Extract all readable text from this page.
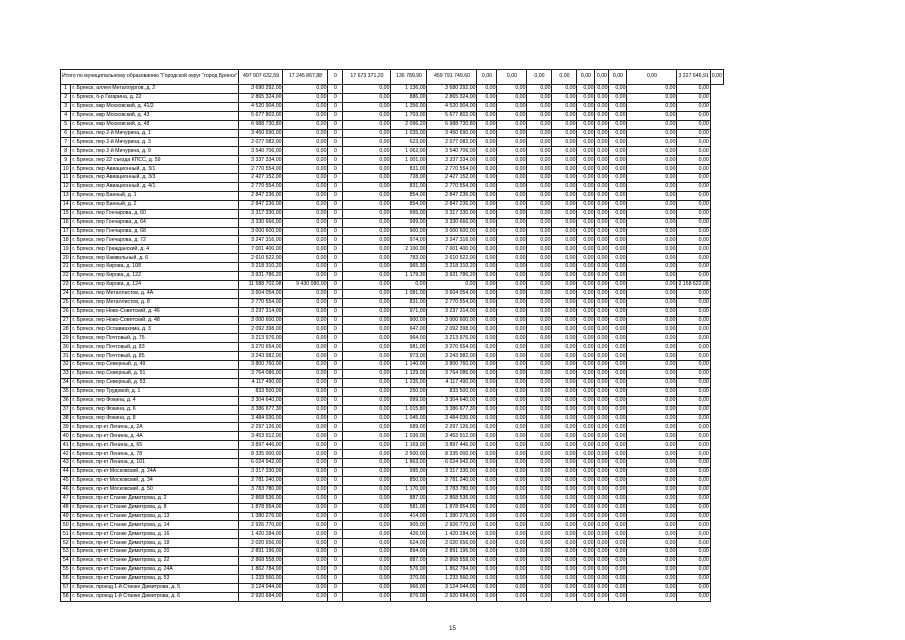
Итого по муниципальному образованию "Городской округ "город Брянск"		497 907 632,59	17 245 867,88	0	17 673 371,20	136 789,90	459 791 749,60	0,00	0,00	0,00	0,00	0,00	0,00	0,00	0,00	3 227 646,91	0,00
1	г. Брянск, аллея Металлургов, д. 2	3 690 292,00	0,00	0	0,00	1 136,00	3 680 292,00	0,00	0,00	0,00	0,00	0,00	0,00	0,00	0,00	0,00	
2	г. Брянск, б-р Гагарина, д. 22	2 865 324,00	0,00	0	0,00	886,00	2 865 324,00	0,00	0,00	0,00	0,00	0,00	0,00	0,00	0,00	0,00	
3	г. Брянск, мкр Московский, д. 41/2	4 520 904,00	0,00	0	0,00	1 356,00	4 520 904,00	0,00	0,00	0,00	0,00	0,00	0,00	0,00	0,00	0,00	
4	г. Брянск, мкр Московский, д. 43	5 677 802,00	0,00	0	0,00	1 703,00	5 677 802,00	0,00	0,00	0,00	0,00	0,00	0,00	0,00	0,00	0,00	
5	г. Брянск, мкр Московский, д. 48	6 988 730,80	0,00	0	0,00	2 096,20	6 988 730,80	0,00	0,00	0,00	0,00	0,00	0,00	0,00	0,00	0,00	
6	г. Брянск, пер 2-й Мичурина, д. 1	3 450 690,00	0,00	0	0,00	1 035,00	3 450 690,00	0,00	0,00	0,00	0,00	0,00	0,00	0,00	0,00	0,00	
7	г. Брянск, пер 2-й Мичурина, д. 3	2 077 082,00	0,00	0	0,00	623,00	2 077 082,00	0,00	0,00	0,00	0,00	0,00	0,00	0,00	0,00	0,00	
8	г. Брянск, пер 2-й Мичурина, д. 9	3 540 706,00	0,00	0	0,00	1 062,00	3 540 706,00	0,00	0,00	0,00	0,00	0,00	0,00	0,00	0,00	0,00	
9	г. Брянск, пер 22 съезда КПСС, д. 59	3 337 334,00	0,00	0	0,00	1 001,00	3 337 334,00	0,00	0,00	0,00	0,00	0,00	0,00	0,00	0,00	0,00	
10	г. Брянск, пер Авиационный, д. 3/1	2 770 554,00	0,00	0	0,00	831,00	2 770 554,00	0,00	0,00	0,00	0,00	0,00	0,00	0,00	0,00	0,00	
11	г. Брянск, пер Авиационный, д. 3/3	2 427 152,00	0,00	0	0,00	728,00	2 427 152,00	0,00	0,00	0,00	0,00	0,00	0,00	0,00	0,00	0,00	
12	г. Брянск, пер Авиационный, д. 4/1	2 770 554,00	0,00	0	0,00	831,00	2 770 554,00	0,00	0,00	0,00	0,00	0,00	0,00	0,00	0,00	0,00	
13	г. Брянск, пер Банный, д. 1	2 847 236,00	0,00	0	0,00	854,00	2 847 236,00	0,00	0,00	0,00	0,00	0,00	0,00	0,00	0,00	0,00	
14	г. Брянск, пер Банный, д. 2	2 847 236,00	0,00	0	0,00	854,00	2 847 236,00	0,00	0,00	0,00	0,00	0,00	0,00	0,00	0,00	0,00	
15	г. Брянск, пер Гончарова, д. 60	3 317 330,00	0,00	0	0,00	995,00	3 317 330,00	0,00	0,00	0,00	0,00	0,00	0,00	0,00	0,00	0,00	
16	г. Брянск, пер Гончарова, д. 64	3 330 666,00	0,00	0	0,00	999,00	3 330 666,00	0,00	0,00	0,00	0,00	0,00	0,00	0,00	0,00	0,00	
17	г. Брянск, пер Гончарова, д. 68	3 000 600,00	0,00	0	0,00	900,00	3 000 600,00	0,00	0,00	0,00	0,00	0,00	0,00	0,00	0,00	0,00	
18	г. Брянск, пер Гончарова, д. 72	3 247 316,00	0,00	0	0,00	974,00	3 247 316,00	0,00	0,00	0,00	0,00	0,00	0,00	0,00	0,00	0,00	
19	г. Брянск, пер Гражданский, д. 4	7 001 400,00	0,00	0	0,00	2 100,00	7 001 400,00	0,00	0,00	0,00	0,00	0,00	0,00	0,00	0,00	0,00	
20	г. Брянск, пер Камвольный, д. 6	2 610 522,00	0,00	0	0,00	783,00	2 610 522,00	0,00	0,00	0,00	0,00	0,00	0,00	0,00	0,00	0,00	
21	г. Брянск, пер Кирова, д. 108	3 218 310,20	0,00	0	0,00	965,30	3 218 310,20	0,00	0,00	0,00	0,00	0,00	0,00	0,00	0,00	0,00	
22	г. Брянск, пер Кирова, д. 122	3 931 786,20	0,00	0	0,00	1 179,30	3 931 786,20	0,00	0,00	0,00	0,00	0,00	0,00	0,00	0,00	0,00	
23	г. Брянск, пер Кирова, д. 124	11 588 702,08	9 430 080,00	0	0,00	0,00	0,00	0,00	0,00	0,00	0,00	0,00	0,00	0,00	0,00	2 158 622,08	
24	г. Брянск, пер Металлистов, д. 4А	3 604 054,00	0,00	0	0,00	1 081,00	3 604 054,00	0,00	0,00	0,00	0,00	0,00	0,00	0,00	0,00	0,00	
25	г. Брянск, пер Металлистов, д. 8	2 770 554,00	0,00	0	0,00	831,00	2 770 554,00	0,00	0,00	0,00	0,00	0,00	0,00	0,00	0,00	0,00	
26	г. Брянск, пер Ново-Советский, д. 46	3 237 314,00	0,00	0	0,00	971,00	3 237 314,00	0,00	0,00	0,00	0,00	0,00	0,00	0,00	0,00	0,00	
27	г. Брянск, пер Ново-Советский, д. 48	3 000 600,00	0,00	0	0,00	900,00	3 000 600,00	0,00	0,00	0,00	0,00	0,00	0,00	0,00	0,00	0,00	
28	г. Брянск, пер Осоавиахима, д. 3	2 092 398,00	0,00	0	0,00	647,00	2 092 398,00	0,00	0,00	0,00	0,00	0,00	0,00	0,00	0,00	0,00	
29	г. Брянск, пер Почтовый, д. 75	3 213 976,00	0,00	0	0,00	964,00	3 213 976,00	0,00	0,00	0,00	0,00	0,00	0,00	0,00	0,00	0,00	
30	г. Брянск, пер Почтовый, д. 83	3 270 654,00	0,00	0	0,00	981,00	3 270 654,00	0,00	0,00	0,00	0,00	0,00	0,00	0,00	0,00	0,00	
31	г. Брянск, пер Почтовый, д. 85	3 243 982,00	0,00	0	0,00	973,00	3 243 982,00	0,00	0,00	0,00	0,00	0,00	0,00	0,00	0,00	0,00	
32	г. Брянск, пер Северный, д. 49	3 800 760,00	0,00	0	0,00	1 140,00	3 800 760,00	0,00	0,00	0,00	0,00	0,00	0,00	0,00	0,00	0,00	
33	г. Брянск, пер Северный, д. 51	3 764 086,00	0,00	0	0,00	1 129,00	3 764 086,00	0,00	0,00	0,00	0,00	0,00	0,00	0,00	0,00	0,00	
34	г. Брянск, пер Северный, д. 53	4 117 490,00	0,00	0	0,00	1 235,00	4 117 490,00	0,00	0,00	0,00	0,00	0,00	0,00	0,00	0,00	0,00	
35	г. Брянск, пер Трудовой, д. 1	833 500,00	0,00	0	0,00	250,00	833 500,00	0,00	0,00	0,00	0,00	0,00	0,00	0,00	0,00	0,00	
36	г. Брянск, пер Фокина, д. 4	3 304 640,00	0,00	0	0,00	999,00	3 304 640,00	0,00	0,00	0,00	0,00	0,00	0,00	0,00	0,00	0,00	
37	г. Брянск, пер Фокина, д. 6	3 386 677,30	0,00	0	0,00	1 015,80	3 386 677,30	0,00	0,00	0,00	0,00	0,00	0,00	0,00	0,00	0,00	
38	г. Брянск, пер Фокина, д. 8	3 484 030,00	0,00	0	0,00	1 045,00	3 484 030,00	0,00	0,00	0,00	0,00	0,00	0,00	0,00	0,00	0,00	
39	г. Брянск, пр-кт Ленина, д. 2А	2 297 126,00	0,00	0	0,00	689,00	2 297 126,00	0,00	0,00	0,00	0,00	0,00	0,00	0,00	0,00	0,00	
40	г. Брянск, пр-кт Ленина, д. 4А	3 453 912,00	0,00	0	0,00	1 036,00	3 453 912,00	0,00	0,00	0,00	0,00	0,00	0,00	0,00	0,00	0,00	
41	г. Брянск, пр-кт Ленина, д. 65	3 897 446,00	0,00	0	0,00	1 169,00	3 897 446,00	0,00	0,00	0,00	0,00	0,00	0,00	0,00	0,00	0,00	
42	г. Брянск, пр-кт Ленина, д. 78	8 335 000,00	0,00	0	0,00	2 500,00	8 335 000,00	0,00	0,00	0,00	0,00	0,00	0,00	0,00	0,00	0,00	
43	г. Брянск, пр-кт Ленина, д. 101	6 024 942,00	0,00	0	0,00	1 863,00	6 024 942,00	0,00	0,00	0,00	0,00	0,00	0,00	0,00	0,00	0,00	
44	г. Брянск, пр-кт Московский, д. 24А	3 317 330,00	0,00	0	0,00	995,00	3 317 330,00	0,00	0,00	0,00	0,00	0,00	0,00	0,00	0,00	0,00	
45	г. Брянск, пр-кт Московский, д. 34	2 781 240,00	0,00	0	0,00	850,00	2 781 240,00	0,00	0,00	0,00	0,00	0,00	0,00	0,00	0,00	0,00	
46	г. Брянск, пр-кт Московский, д. 50	3 783 780,00	0,00	0	0,00	1 170,00	3 783 780,00	0,00	0,00	0,00	0,00	0,00	0,00	0,00	0,00	0,00	
47	г. Брянск, пр-кт Станке Димитрова, д. 2	2 868 536,00	0,00	0	0,00	887,00	2 868 536,00	0,00	0,00	0,00	0,00	0,00	0,00	0,00	0,00	0,00	
48	г. Брянск, пр-кт Станке Димитрова, д. 8	1 878 954,00	0,00	0	0,00	581,00	1 878 954,00	0,00	0,00	0,00	0,00	0,00	0,00	0,00	0,00	0,00	
49	г. Брянск, пр-кт Станке Димитрова, д. 13	1 380 276,00	0,00	0	0,00	414,00	1 380 276,00	0,00	0,00	0,00	0,00	0,00	0,00	0,00	0,00	0,00	
50	г. Брянск, пр-кт Станке Димитрова, д. 14	2 926 770,00	0,00	0	0,00	905,00	2 926 770,00	0,00	0,00	0,00	0,00	0,00	0,00	0,00	0,00	0,00	
51	г. Брянск, пр-кт Станке Димитрова, д. 16	1 420 284,00	0,00	0	0,00	426,00	1 420 284,00	0,00	0,00	0,00	0,00	0,00	0,00	0,00	0,00	0,00	
52	г. Брянск, пр-кт Станке Димитрова, д. 18	2 020 656,00	0,00	0	0,00	624,00	2 020 656,00	0,00	0,00	0,00	0,00	0,00	0,00	0,00	0,00	0,00	
53	г. Брянск, пр-кт Станке Димитрова, д. 20	2 891 196,00	0,00	0	0,00	894,00	2 891 196,00	0,00	0,00	0,00	0,00	0,00	0,00	0,00	0,00	0,00	
54	г. Брянск, пр-кт Станке Димитрова, д. 22	2 868 558,00	0,00	0	0,00	887,00	2 868 558,00	0,00	0,00	0,00	0,00	0,00	0,00	0,00	0,00	0,00	
55	г. Брянск, пр-кт Станке Димитрова, д. 24А	1 862 784,00	0,00	0	0,00	576,00	1 862 784,00	0,00	0,00	0,00	0,00	0,00	0,00	0,00	0,00	0,00	
56	г. Брянск, пр-кт Станке Димитрова, д. 53	1 233 560,00	0,00	0	0,00	370,00	1 233 560,00	0,00	0,00	0,00	0,00	0,00	0,00	0,00	0,00	0,00	
57	г. Брянск, проезд 1-й Станке Димитрова, д. 5	3 124 044,00	0,00	0	0,00	966,00	3 124 044,00	0,00	0,00	0,00	0,00	0,00	0,00	0,00	0,00	0,00	
58	г. Брянск, проезд 1-й Станке Димитрова, д. 6	2 920 684,00	0,00	0	0,00	876,00	2 920 684,00	0,00	0,00	0,00	0,00	0,00	0,00	0,00	0,00	0,00	
15
